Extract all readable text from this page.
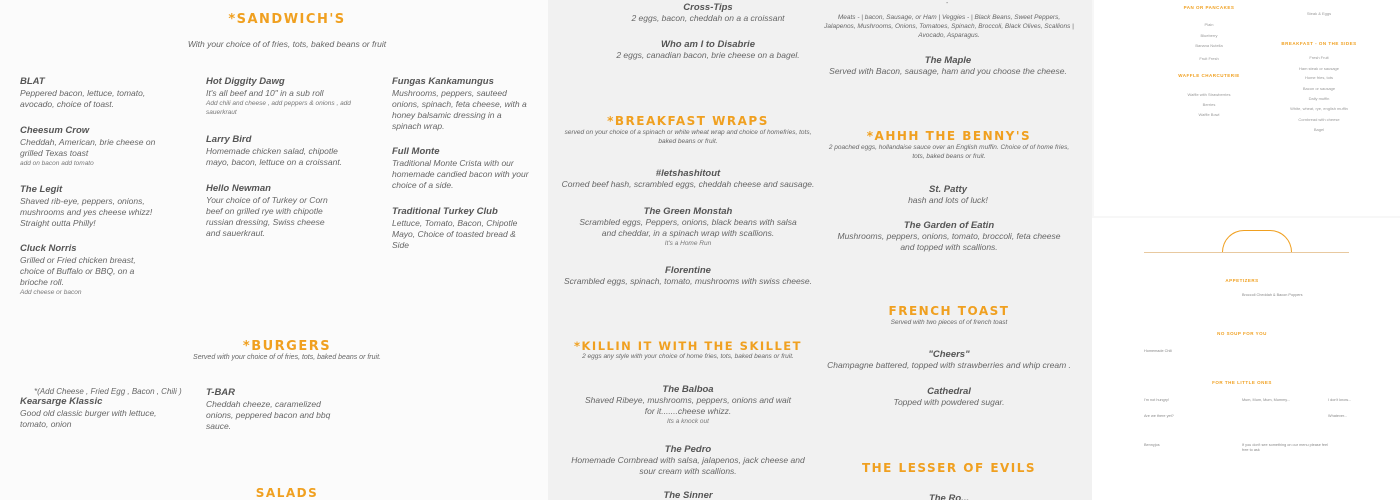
*SANDWICH'S
With your choice of of fries, tots, baked beans or fruit
BLAT
Peppered bacon, lettuce, tomato, avocado, choice of toast.
Cheesum Crow
Cheddah, American, brie cheese on grilled Texas toast
add on bacon add tomato
The Legit
Shaved rib-eye, peppers, onions, mushrooms and yes cheese whizz! Straight outta Philly!
Cluck Norris
Grilled or Fried chicken breast, choice of Buffalo or BBQ, on a brioche roll.
Add cheese or bacon
Hot Diggity Dawg
It's all beef and 10" in a sub roll
Add chili and cheese , add peppers & onions , add sauerkraut
Larry Bird
Homemade chicken salad, chipotle mayo, bacon, lettuce on a croissant.
Hello Newman
Your choice of of Turkey or Corn beef on grilled rye with chipotle russian dressing, Swiss cheese and sauerkraut.
Fungas Kankamungus
Mushrooms, peppers, sauteed onions, spinach, feta cheese, with a honey balsamic dressing in a spinach wrap.
Full Monte
Traditional Monte Crista with our homemade candied bacon with your choice of a side.
Traditional Turkey Club
Lettuce, Tomato, Bacon, Chipotle Mayo, Choice of toasted bread & Side
*BURGERS
Served with your choice of of fries, tots, baked beans or fruit.
*(Add Cheese , Fried Egg , Bacon , Chili )
Kearsarge Klassic
Good old classic burger with lettuce, tomato, onion
T-BAR
Cheddah cheeze, caramelized onions, peppered bacon and bbq sauce.
SALADS
Cross-Tips
2 eggs, bacon, cheddah on a a croissant
Who am I to Disabrie
2 eggs, canadian bacon, brie cheese on a bagel.
*BREAKFAST WRAPS
served on your choice of a spinach or white wheat wrap and choice of homefries, tots, baked beans or fruit.
#letshashitout
Corned beef hash, scrambled eggs, cheddah cheese and sausage.
The Green Monstah
Scrambled eggs, Peppers, onions, black beans with salsa and cheddar, in a spinach wrap with scallions.
It's a Home Run
Florentine
Scrambled eggs, spinach, tomato, mushrooms with swiss cheese.
*KILLIN IT WITH THE SKILLET
2 eggs any style with your choice of home fries, tots, baked beans or fruit.
The Balboa
Shaved Ribeye, mushrooms, peppers, onions and wait for it.......cheese whizz.
Its a knock out
The Pedro
Homemade Cornbread with salsa, jalapenos, jack cheese and sour cream with scallions.
The Sinner
-
Meats - | bacon, Sausage, or Ham | Veggies - | Black Beans, Sweet Peppers, Jalapenos, Mushrooms, Onions, Tomatoes, Spinach, Broccoli, Black Olives, Scallions | Avocado, Asparagus.
The Maple
Served with Bacon, sausage, ham and you choose the cheese.
*AHHH THE BENNY'S
2 poached eggs, hollandaise sauce over an English muffin. Choice of of home fries, tots, baked beans or fruit.
St. Patty
hash and lots of luck!
The Garden of Eatin
Mushrooms, peppers, onions, tomato, broccoli, feta cheese and topped with scallions.
FRENCH TOAST
Served with two pieces of of french toast
"Cheers"
Champagne battered, topped with strawberries and whip cream .
Cathedral
Topped with powdered sugar.
THE LESSER OF EVILS
The Ro...
PAN OR PANCAKES
BREAKFAST - ON THE SIDES
WAFFLE CHARCUTERIE
Plain
Blueberry
Banana Nutella
Fruit Fresh
Waffle with Strawberries
Berries
Waffle Bowl
Steak & Eggs
Fresh Fruit
Ham steak or sausage
Home fries, tots
Bacon or sausage
Daily muffin
White, wheat, rye, english muffin
Cornbread with cheese
Bagel
APPETIZERS
NO SOUP FOR YOU
FOR THE LITTLE ONES
Broccoli Cheddah & Bacon Poppers
Homemade Chili
I'm not hungry!
Are we there yet?
Bennyjos
Mum, Mum, Mum, Mummy...	I don't know...
Whatever...
If you don't see something on our menu please feel free to ask
